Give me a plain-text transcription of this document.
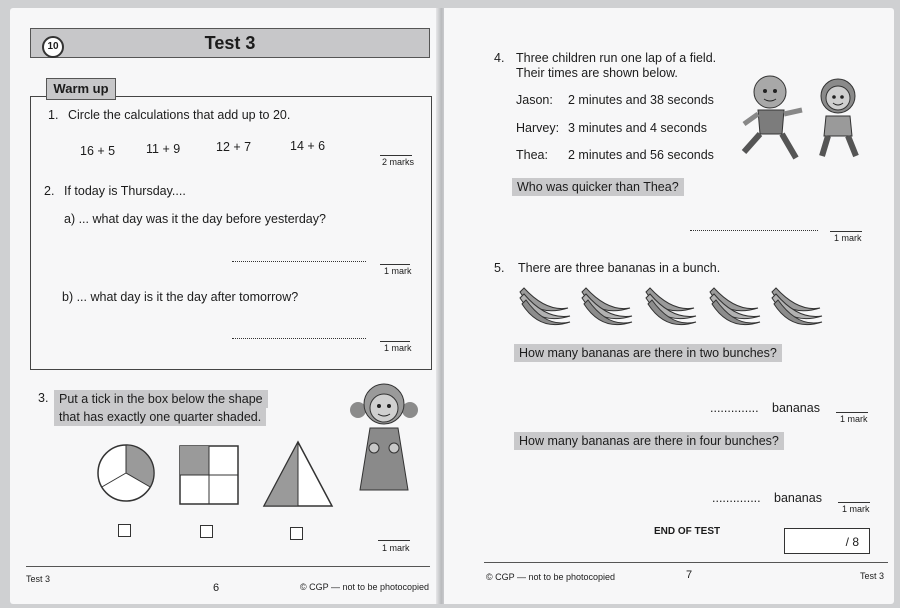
Test 3
10
Warm up
1. Circle the calculations that add up to 20.
16 + 5 11 + 9	12 + 7	14 + 6
2 marks
2. If today is Thursday....
a) ... what day was it the day before yesterday?
1 mark
b) ... what day is it the day after tomorrow?
1 mark
3. Put a tick in the box below the shape
that has exactly one quarter shaded.
1 mark
Test 3
6	© CGP — not to be photocopied
4. Three children run one lap of a field.
Their times are shown below.
Jason: 2 minutes and 38 seconds
Harvey: 3 minutes and 4 seconds
Thea: 2 minutes and 56 seconds
Who was quicker than Thea?
1 mark
5. There are three bananas in a bunch.
How many bananas are there in two bunches?
.............. bananas
1 mark
How many bananas are there in four bunches?
.............. bananas
1 mark
END OF TEST
/ 8
© CGP — not to be photocopied	7	Test 3
